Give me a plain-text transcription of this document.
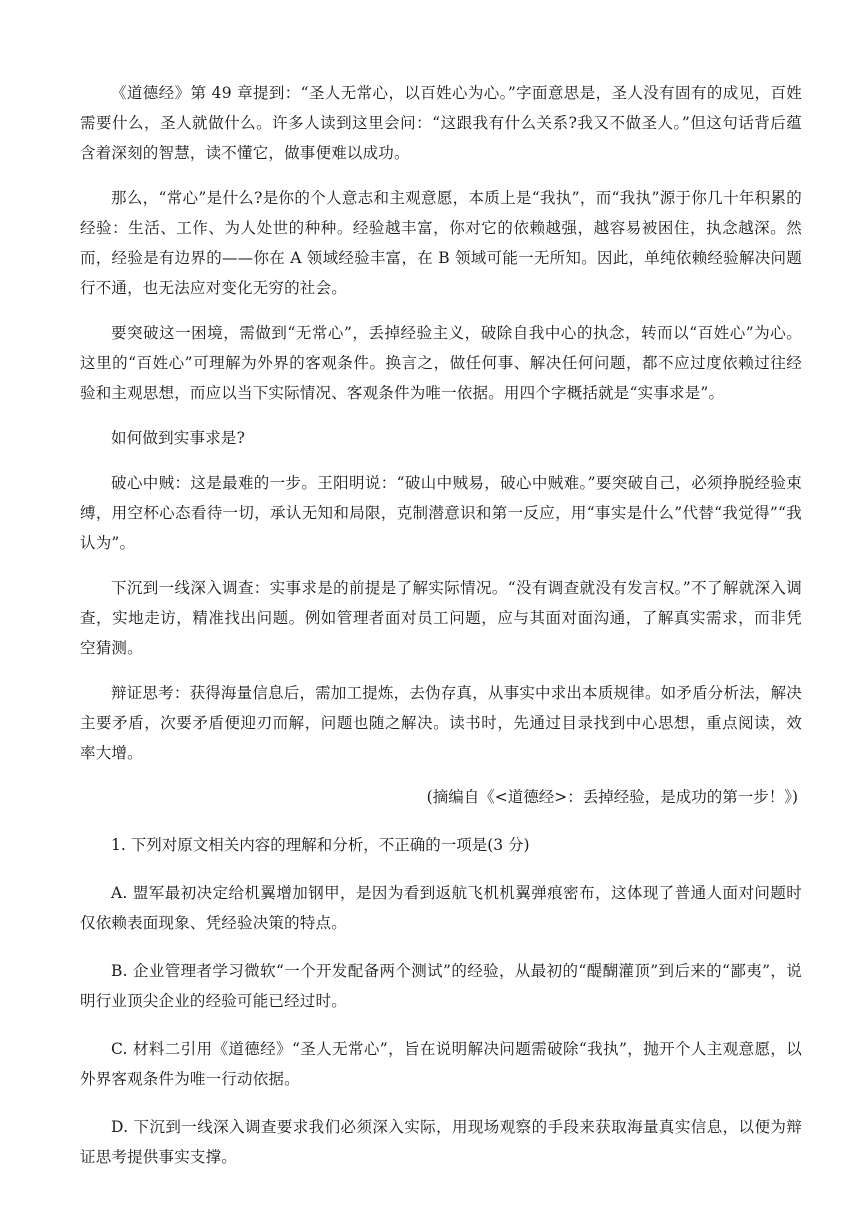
《道德经》第 49 章提到：“圣人无常心，以百姓心为心。”字面意思是，圣人没有固有的成见，百姓需要什么，圣人就做什么。许多人读到这里会问：“这跟我有什么关系?我又不做圣人。”但这句话背后蕴含着深刻的智慧，读不懂它，做事便难以成功。

那么，“常心”是什么?是你的个人意志和主观意愿，本质上是“我执”，而“我执”源于你几十年积累的经验：生活、工作、为人处世的种种。经验越丰富，你对它的依赖越强，越容易被困住，执念越深。然而，经验是有边界的——你在 A 领域经验丰富，在 B 领域可能一无所知。因此，单纯依赖经验解决问题行不通，也无法应对变化无穷的社会。

要突破这一困境，需做到“无常心”，丢掉经验主义，破除自我中心的执念，转而以“百姓心”为心。这里的“百姓心”可理解为外界的客观条件。换言之，做任何事、解决任何问题，都不应过度依赖过往经验和主观思想，而应以当下实际情况、客观条件为唯一依据。用四个字概括就是“实事求是”。

如何做到实事求是?

破心中贼：这是最难的一步。王阳明说：“破山中贼易，破心中贼难。”要突破自己，必须挣脱经验束缚，用空杯心态看待一切，承认无知和局限，克制潜意识和第一反应，用“事实是什么”代替“我觉得”“我认为”。

下沉到一线深入调查：实事求是的前提是了解实际情况。“没有调查就没有发言权。”不了解就深入调查，实地走访，精准找出问题。例如管理者面对员工问题，应与其面对面沟通，了解真实需求，而非凭空猜测。

辩证思考：获得海量信息后，需加工提炼，去伪存真，从事实中求出本质规律。如矛盾分析法，解决主要矛盾，次要矛盾便迎刃而解，问题也随之解决。读书时，先通过目录找到中心思想，重点阅读，效率大增。

(摘编自《<道德经>：丢掉经验，是成功的第一步！》)

1. 下列对原文相关内容的理解和分析，不正确的一项是(3 分)

A. 盟军最初决定给机翼增加钢甲，是因为看到返航飞机机翼弹痕密布，这体现了普通人面对问题时仅依赖表面现象、凭经验决策的特点。

B. 企业管理者学习微软“一个开发配备两个测试”的经验，从最初的“醍醐灌顶”到后来的“鄙夷”，说明行业顶尖企业的经验可能已经过时。

C. 材料二引用《道德经》“圣人无常心”，旨在说明解决问题需破除“我执”，抛开个人主观意愿，以外界客观条件为唯一行动依据。

D. 下沉到一线深入调查要求我们必须深入实际，用现场观察的手段来获取海量真实信息，以便为辩证思考提供事实支撑。
